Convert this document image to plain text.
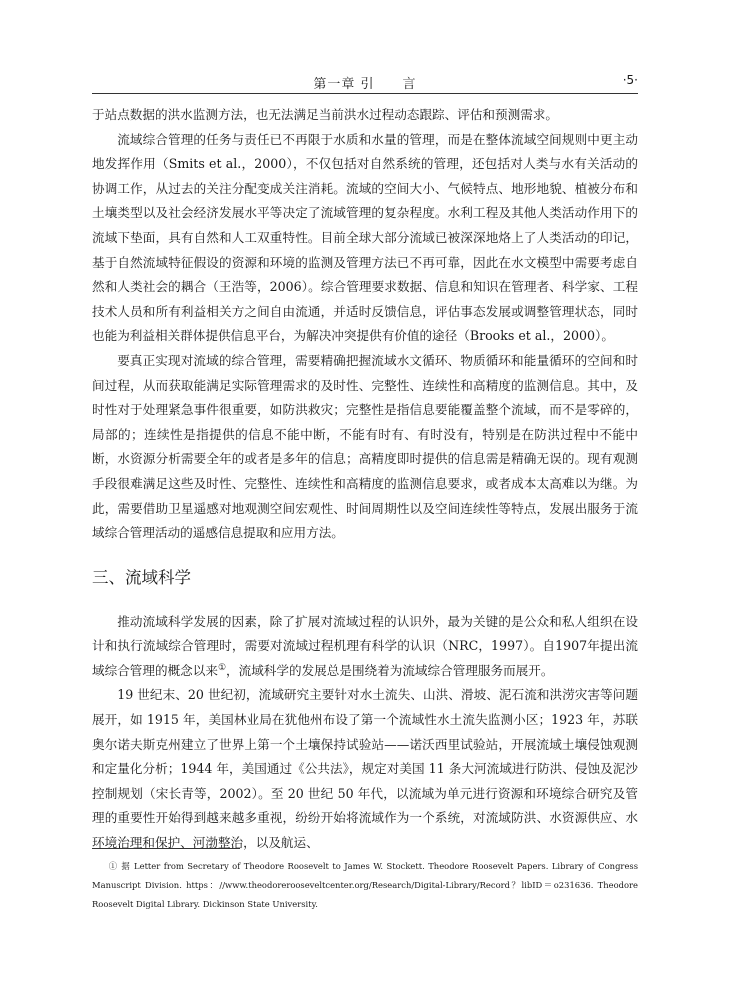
第一章 引　　言	·5·

于站点数据的洪水监测方法，也无法满足当前洪水过程动态跟踪、评估和预测需求。

流域综合管理的任务与责任已不再限于水质和水量的管理，而是在整体流域空间规则中更主动地发挥作用（Smits et al.，2000），不仅包括对自然系统的管理，还包括对人类与水有关活动的协调工作，从过去的关注分配变成关注消耗。流域的空间大小、气候特点、地形地貌、植被分布和土壤类型以及社会经济发展水平等决定了流域管理的复杂程度。水利工程及其他人类活动作用下的流域下垫面，具有自然和人工双重特性。目前全球大部分流域已被深深地烙上了人类活动的印记，基于自然流域特征假设的资源和环境的监测及管理方法已不再可靠，因此在水文模型中需要考虑自然和人类社会的耦合（王浩等，2006）。综合管理要求数据、信息和知识在管理者、科学家、工程技术人员和所有利益相关方之间自由流通，并适时反馈信息，评估事态发展或调整管理状态，同时也能为利益相关群体提供信息平台，为解决冲突提供有价值的途径（Brooks et al.，2000）。

要真正实现对流域的综合管理，需要精确把握流域水文循环、物质循环和能量循环的空间和时间过程，从而获取能满足实际管理需求的及时性、完整性、连续性和高精度的监测信息。其中，及时性对于处理紧急事件很重要，如防洪救灾；完整性是指信息要能覆盖整个流域，而不是零碎的，局部的；连续性是指提供的信息不能中断，不能有时有、有时没有，特别是在防洪过程中不能中断，水资源分析需要全年的或者是多年的信息；高精度即时提供的信息需是精确无误的。现有观测手段很难满足这些及时性、完整性、连续性和高精度的监测信息要求，或者成本太高难以为继。为此，需要借助卫星遥感对地观测空间宏观性、时间周期性以及空间连续性等特点，发展出服务于流域综合管理活动的遥感信息提取和应用方法。

三、流域科学

推动流域科学发展的因素，除了扩展对流域过程的认识外，最为关键的是公众和私人组织在设计和执行流域综合管理时，需要对流域过程机理有科学的认识（NRC，1997）。自1907年提出流域综合管理的概念以来①，流域科学的发展总是围绕着为流域综合管理服务而展开。

19 世纪末、20 世纪初，流域研究主要针对水土流失、山洪、滑坡、泥石流和洪涝灾害等问题展开，如 1915 年，美国林业局在犹他州布设了第一个流域性水土流失监测小区；1923 年，苏联奥尔诺夫斯克州建立了世界上第一个土壤保持试验站——诺沃西里试验站，开展流域土壤侵蚀观测和定量化分析；1944 年，美国通过《公共法》，规定对美国 11 条大河流域进行防洪、侵蚀及泥沙控制规划（宋长青等，2002）。至 20 世纪 50 年代，以流域为单元进行资源和环境综合研究及管理的重要性开始得到越来越多重视，纷纷开始将流域作为一个系统，对流域防洪、水资源供应、水环境治理和保护、河渤整治，以及航运、

① 据 Letter from Secretary of Theodore Roosevelt to James W. Stockett. Theodore Roosevelt Papers. Library of Congress Manuscript Division. https：//www.theodorerooseveltcenter.org/Research/Digital-Library/Record？libID＝o231636. Theodore Roosevelt Digital Library. Dickinson State University.
